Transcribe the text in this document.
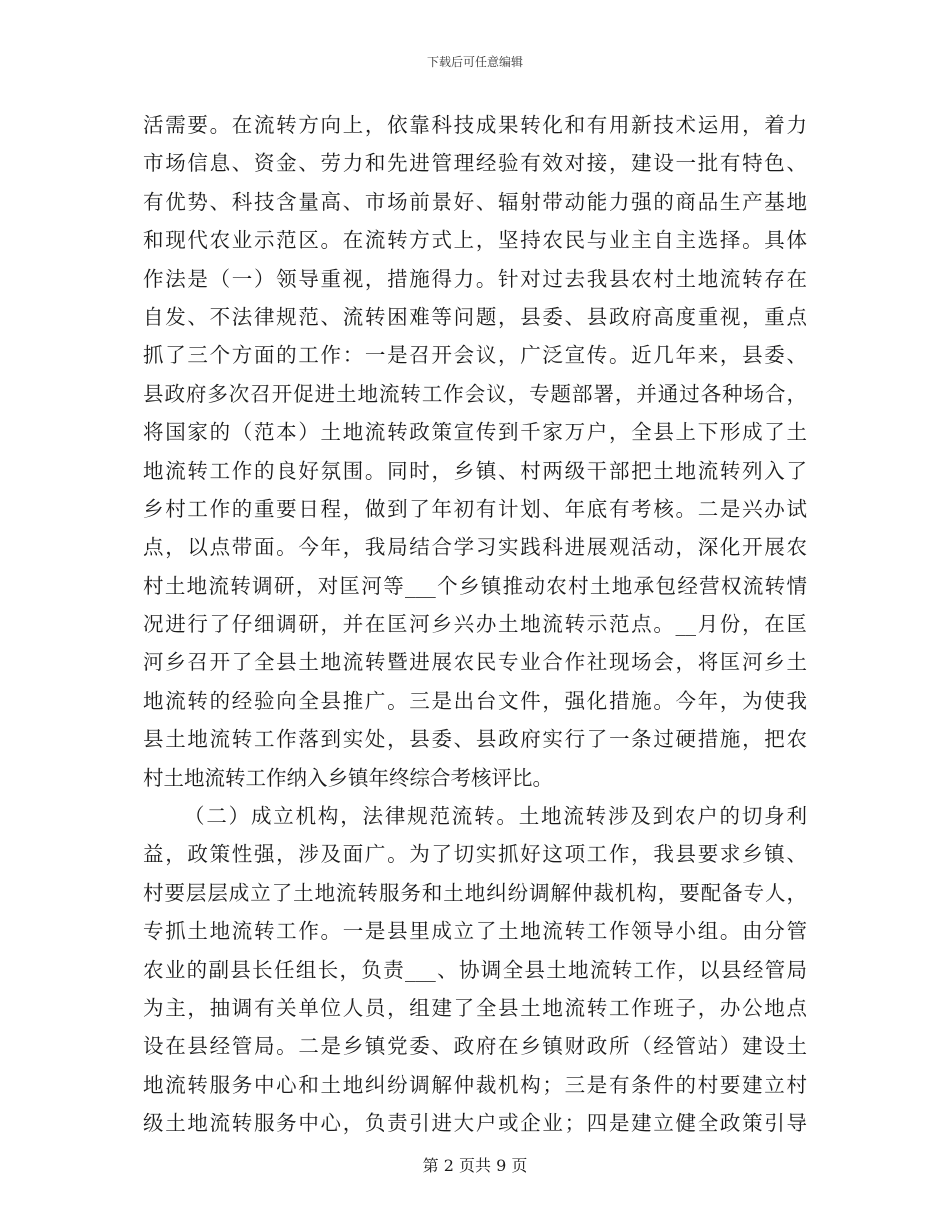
下载后可任意编辑
活需要。在流转方向上，依靠科技成果转化和有用新技术运用，着力
市场信息、资金、劳力和先进管理经验有效对接，建设一批有特色、
有优势、科技含量高、市场前景好、辐射带动能力强的商品生产基地
和现代农业示范区。在流转方式上，坚持农民与业主自主选择。具体
作法是（一）领导重视，措施得力。针对过去我县农村土地流转存在
自发、不法律规范、流转困难等问题，县委、县政府高度重视，重点
抓了三个方面的工作：一是召开会议，广泛宣传。近几年来，县委、
县政府多次召开促进土地流转工作会议，专题部署，并通过各种场合，
将国家的（范本）土地流转政策宣传到千家万户，全县上下形成了土
地流转工作的良好氛围。同时，乡镇、村两级干部把土地流转列入了
乡村工作的重要日程，做到了年初有计划、年底有考核。二是兴办试
点，以点带面。今年，我局结合学习实践科进展观活动，深化开展农
村土地流转调研，对匡河等___个乡镇推动农村土地承包经营权流转情
况进行了仔细调研，并在匡河乡兴办土地流转示范点。__月份，在匡
河乡召开了全县土地流转暨进展农民专业合作社现场会，将匡河乡土
地流转的经验向全县推广。三是出台文件，强化措施。今年，为使我
县土地流转工作落到实处，县委、县政府实行了一条过硬措施，把农
村土地流转工作纳入乡镇年终综合考核评比。
（二）成立机构，法律规范流转。土地流转涉及到农户的切身利
益，政策性强，涉及面广。为了切实抓好这项工作，我县要求乡镇、
村要层层成立了土地流转服务和土地纠纷调解仲裁机构，要配备专人，
专抓土地流转工作。一是县里成立了土地流转工作领导小组。由分管
农业的副县长任组长，负责___、协调全县土地流转工作，以县经管局
为主，抽调有关单位人员，组建了全县土地流转工作班子，办公地点
设在县经管局。二是乡镇党委、政府在乡镇财政所（经管站）建设土
地流转服务中心和土地纠纷调解仲裁机构；三是有条件的村要建立村
级土地流转服务中心，负责引进大户或企业；四是建立健全政策引导
第 2 页共 9 页
